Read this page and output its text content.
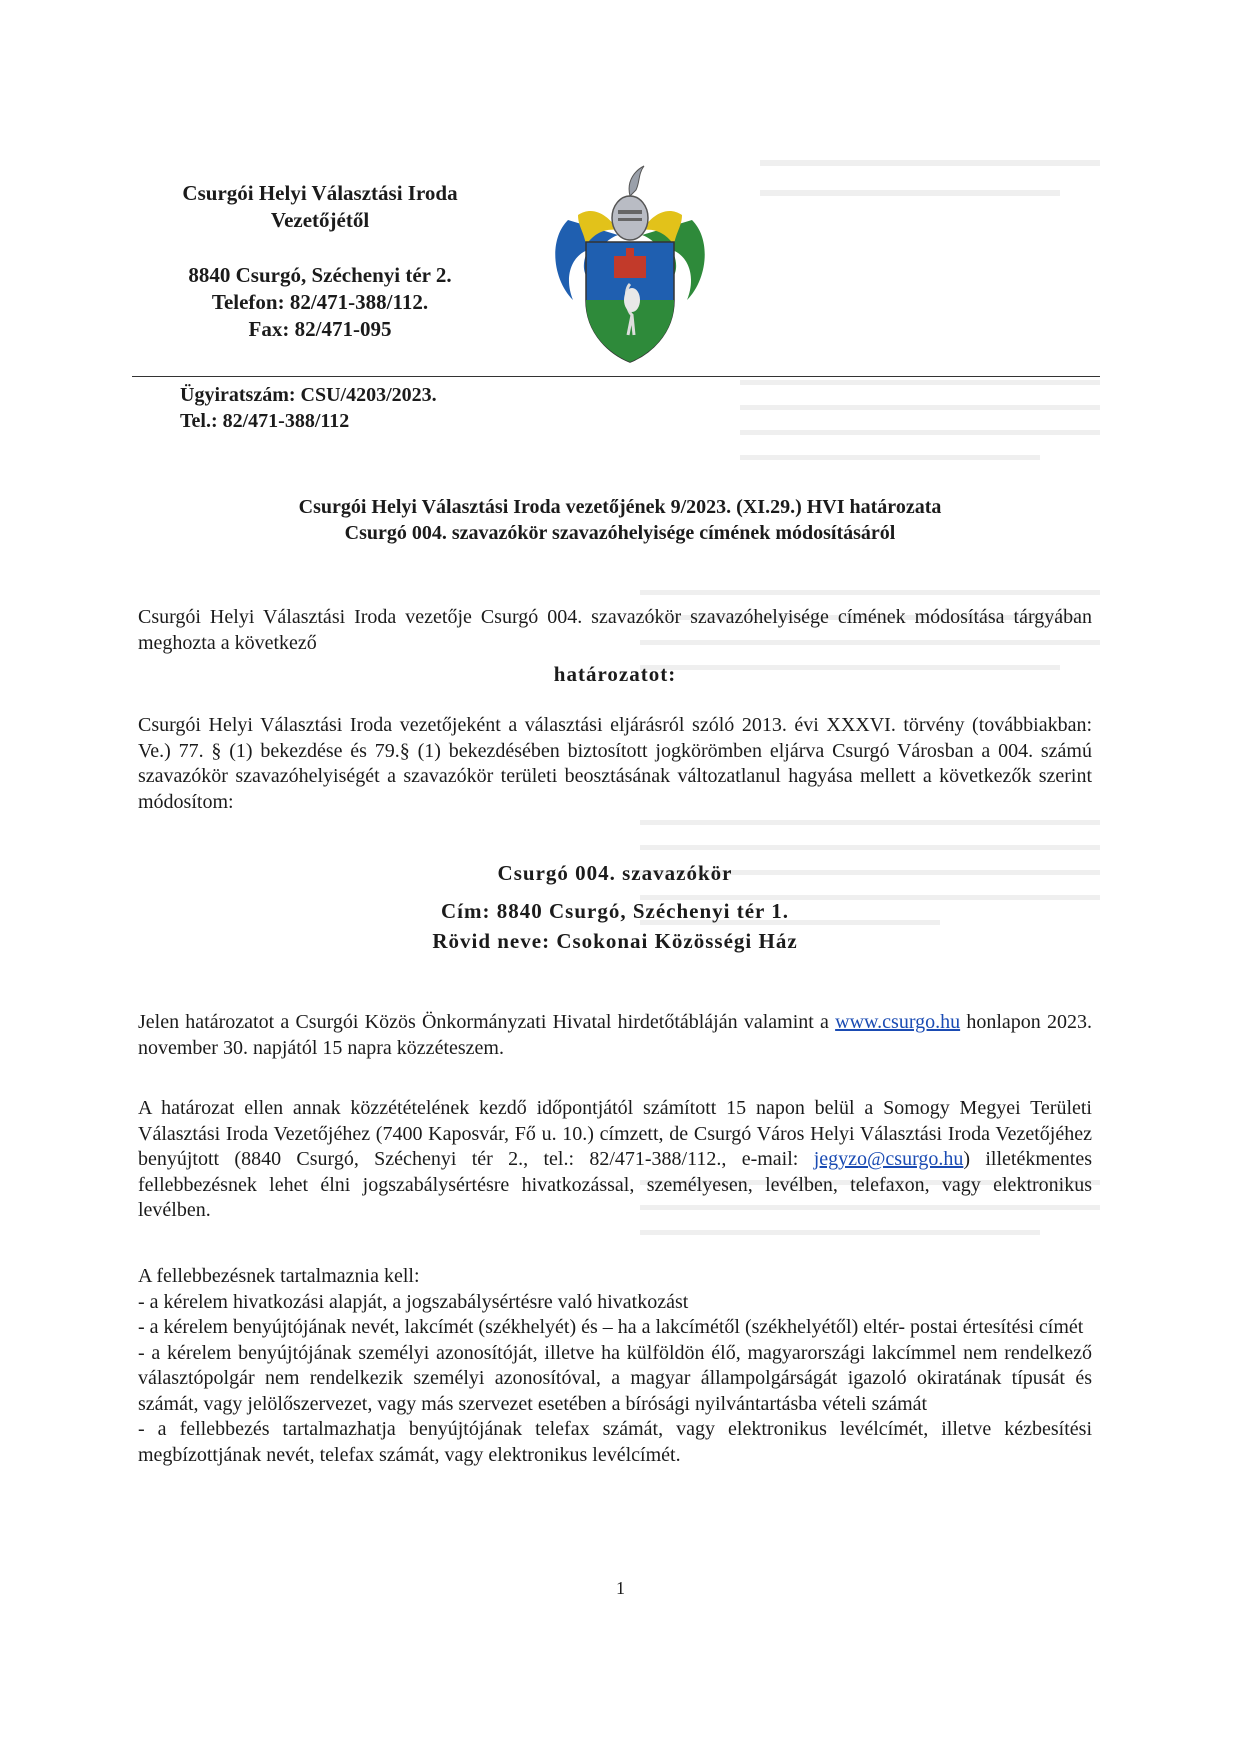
Csurgói Helyi Választási Iroda
Vezetőjétől
8840 Csurgó, Széchenyi tér 2.
Telefon: 82/471-388/112.
Fax: 82/471-095
Ügyiratszám: CSU/4203/2023.
Tel.: 82/471-388/112
Csurgói Helyi Választási Iroda vezetőjének 9/2023. (XI.29.) HVI határozata
Csurgó 004. szavazókör szavazóhelyisége címének módosításáról
Csurgói Helyi Választási Iroda vezetője Csurgó 004. szavazókör szavazóhelyisége címének módosítása tárgyában meghozta a következő
határozatot:
Csurgói Helyi Választási Iroda vezetőjeként a választási eljárásról szóló 2013. évi XXXVI. törvény (továbbiakban: Ve.) 77. § (1) bekezdése és 79.§ (1) bekezdésében biztosított jogkörömben eljárva Csurgó Városban a 004. számú szavazókör szavazóhelyiségét a szavazókör területi beosztásának változatlanul hagyása mellett a következők szerint módosítom:
Csurgó 004. szavazókör
Cím: 8840 Csurgó, Széchenyi tér 1.
Rövid neve: Csokonai Közösségi Ház
Jelen határozatot a Csurgói Közös Önkormányzati Hivatal hirdetőtábláján valamint a www.csurgo.hu honlapon 2023. november 30. napjától 15 napra közzéteszem.
A határozat ellen annak közzétételének kezdő időpontjától számított 15 napon belül a Somogy Megyei Területi Választási Iroda Vezetőjéhez (7400 Kaposvár, Fő u. 10.) címzett, de Csurgó Város Helyi Választási Iroda Vezetőjéhez benyújtott (8840 Csurgó, Széchenyi tér 2., tel.: 82/471-388/112., e-mail: jegyzo@csurgo.hu) illetékmentes fellebbezésnek lehet élni jogszabálysértésre hivatkozással, személyesen, levélben, telefaxon, vagy elektronikus levélben.
A fellebbezésnek tartalmaznia kell:
- a kérelem hivatkozási alapját, a jogszabálysértésre való hivatkozást
- a kérelem benyújtójának nevét, lakcímét (székhelyét) és – ha a lakcímétől (székhelyétől) eltér- postai értesítési címét
- a kérelem benyújtójának személyi azonosítóját, illetve ha külföldön élő, magyarországi lakcímmel nem rendelkező választópolgár nem rendelkezik személyi azonosítóval, a magyar állampolgárságát igazoló okiratának típusát és számát, vagy jelölőszervezet, vagy más szervezet esetében a bírósági nyilvántartásba vételi számát
- a fellebbezés tartalmazhatja benyújtójának telefax számát, vagy elektronikus levélcímét, illetve kézbesítési megbízottjának nevét, telefax számát, vagy elektronikus levélcímét.
1
